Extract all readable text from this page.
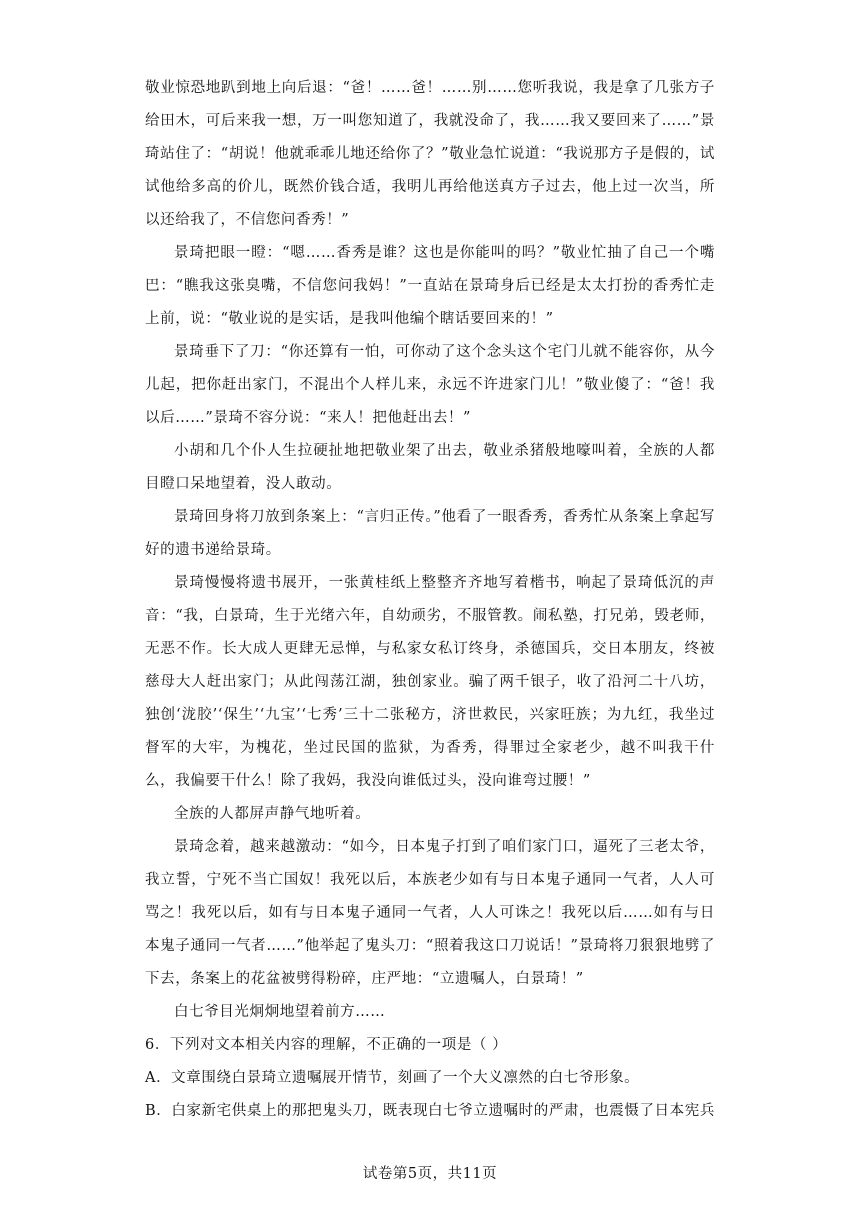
敬业惊恐地趴到地上向后退：“爸！……爸！……别……您听我说，我是拿了几张方子给田木，可后来我一想，万一叫您知道了，我就没命了，我……我又要回来了……”景琦站住了：“胡说！他就乖乖儿地还给你了？”敬业急忙说道：“我说那方子是假的，试试他给多高的价儿，既然价钱合适，我明儿再给他送真方子过去，他上过一次当，所以还给我了，不信您问香秀！”

景琦把眼一瞪：“嗯……香秀是谁？这也是你能叫的吗？”敬业忙抽了自己一个嘴巴：“瞧我这张臭嘴，不信您问我妈！”一直站在景琦身后已经是太太打扮的香秀忙走上前，说：“敬业说的是实话，是我叫他编个瞎话要回来的！”

景琦垂下了刀：“你还算有一怕，可你动了这个念头这个宅门儿就不能容你，从今儿起，把你赶出家门，不混出个人样儿来，永远不许进家门儿！”敬业傻了：“爸！我以后……”景琦不容分说：“来人！把他赶出去！”

小胡和几个仆人生拉硬扯地把敬业架了出去，敬业杀猪般地嚎叫着，全族的人都目瞪口呆地望着，没人敢动。

景琦回身将刀放到条案上：“言归正传。”他看了一眼香秀，香秀忙从条案上拿起写好的遗书递给景琦。

景琦慢慢将遗书展开，一张黄桂纸上整整齐齐地写着楷书，响起了景琦低沉的声音：“我，白景琦，生于光绪六年，自幼顽劣，不服管教。闹私塾，打兄弟，毁老师，无恶不作。长大成人更肆无忌惮，与私家女私订终身，杀德国兵，交日本朋友，终被慈母大人赶出家门；从此闯荡江湖，独创家业。骗了两千银子，收了沿河二十八坊，独创‘泷胶’‘保生’‘九宝’‘七秀’三十二张秘方，济世救民，兴家旺族；为九红，我坐过督军的大牢，为槐花，坐过民国的监狱，为香秀，得罪过全家老少，越不叫我干什么，我偏要干什么！除了我妈，我没向谁低过头，没向谁弯过腰！”

全族的人都屏声静气地听着。

景琦念着，越来越激动：“如今，日本鬼子打到了咱们家门口，逼死了三老太爷，我立誓，宁死不当亡国奴！我死以后，本族老少如有与日本鬼子通同一气者，人人可骂之！我死以后，如有与日本鬼子通同一气者，人人可诛之！我死以后……如有与日本鬼子通同一气者……”他举起了鬼头刀：“照着我这口刀说话！”景琦将刀狠狠地劈了下去，条案上的花盆被劈得粉碎，庄严地：“立遗嘱人，白景琦！”

白七爷目光炯炯地望着前方……

6．下列对文本相关内容的理解，不正确的一项是（ ）

A．文章围绕白景琦立遗嘱展开情节，刻画了一个大义凛然的白七爷形象。

B．白家新宅供桌上的那把鬼头刀，既表现白七爷立遗嘱时的严肃，也震慑了日本宪兵

试卷第5页，共11页
